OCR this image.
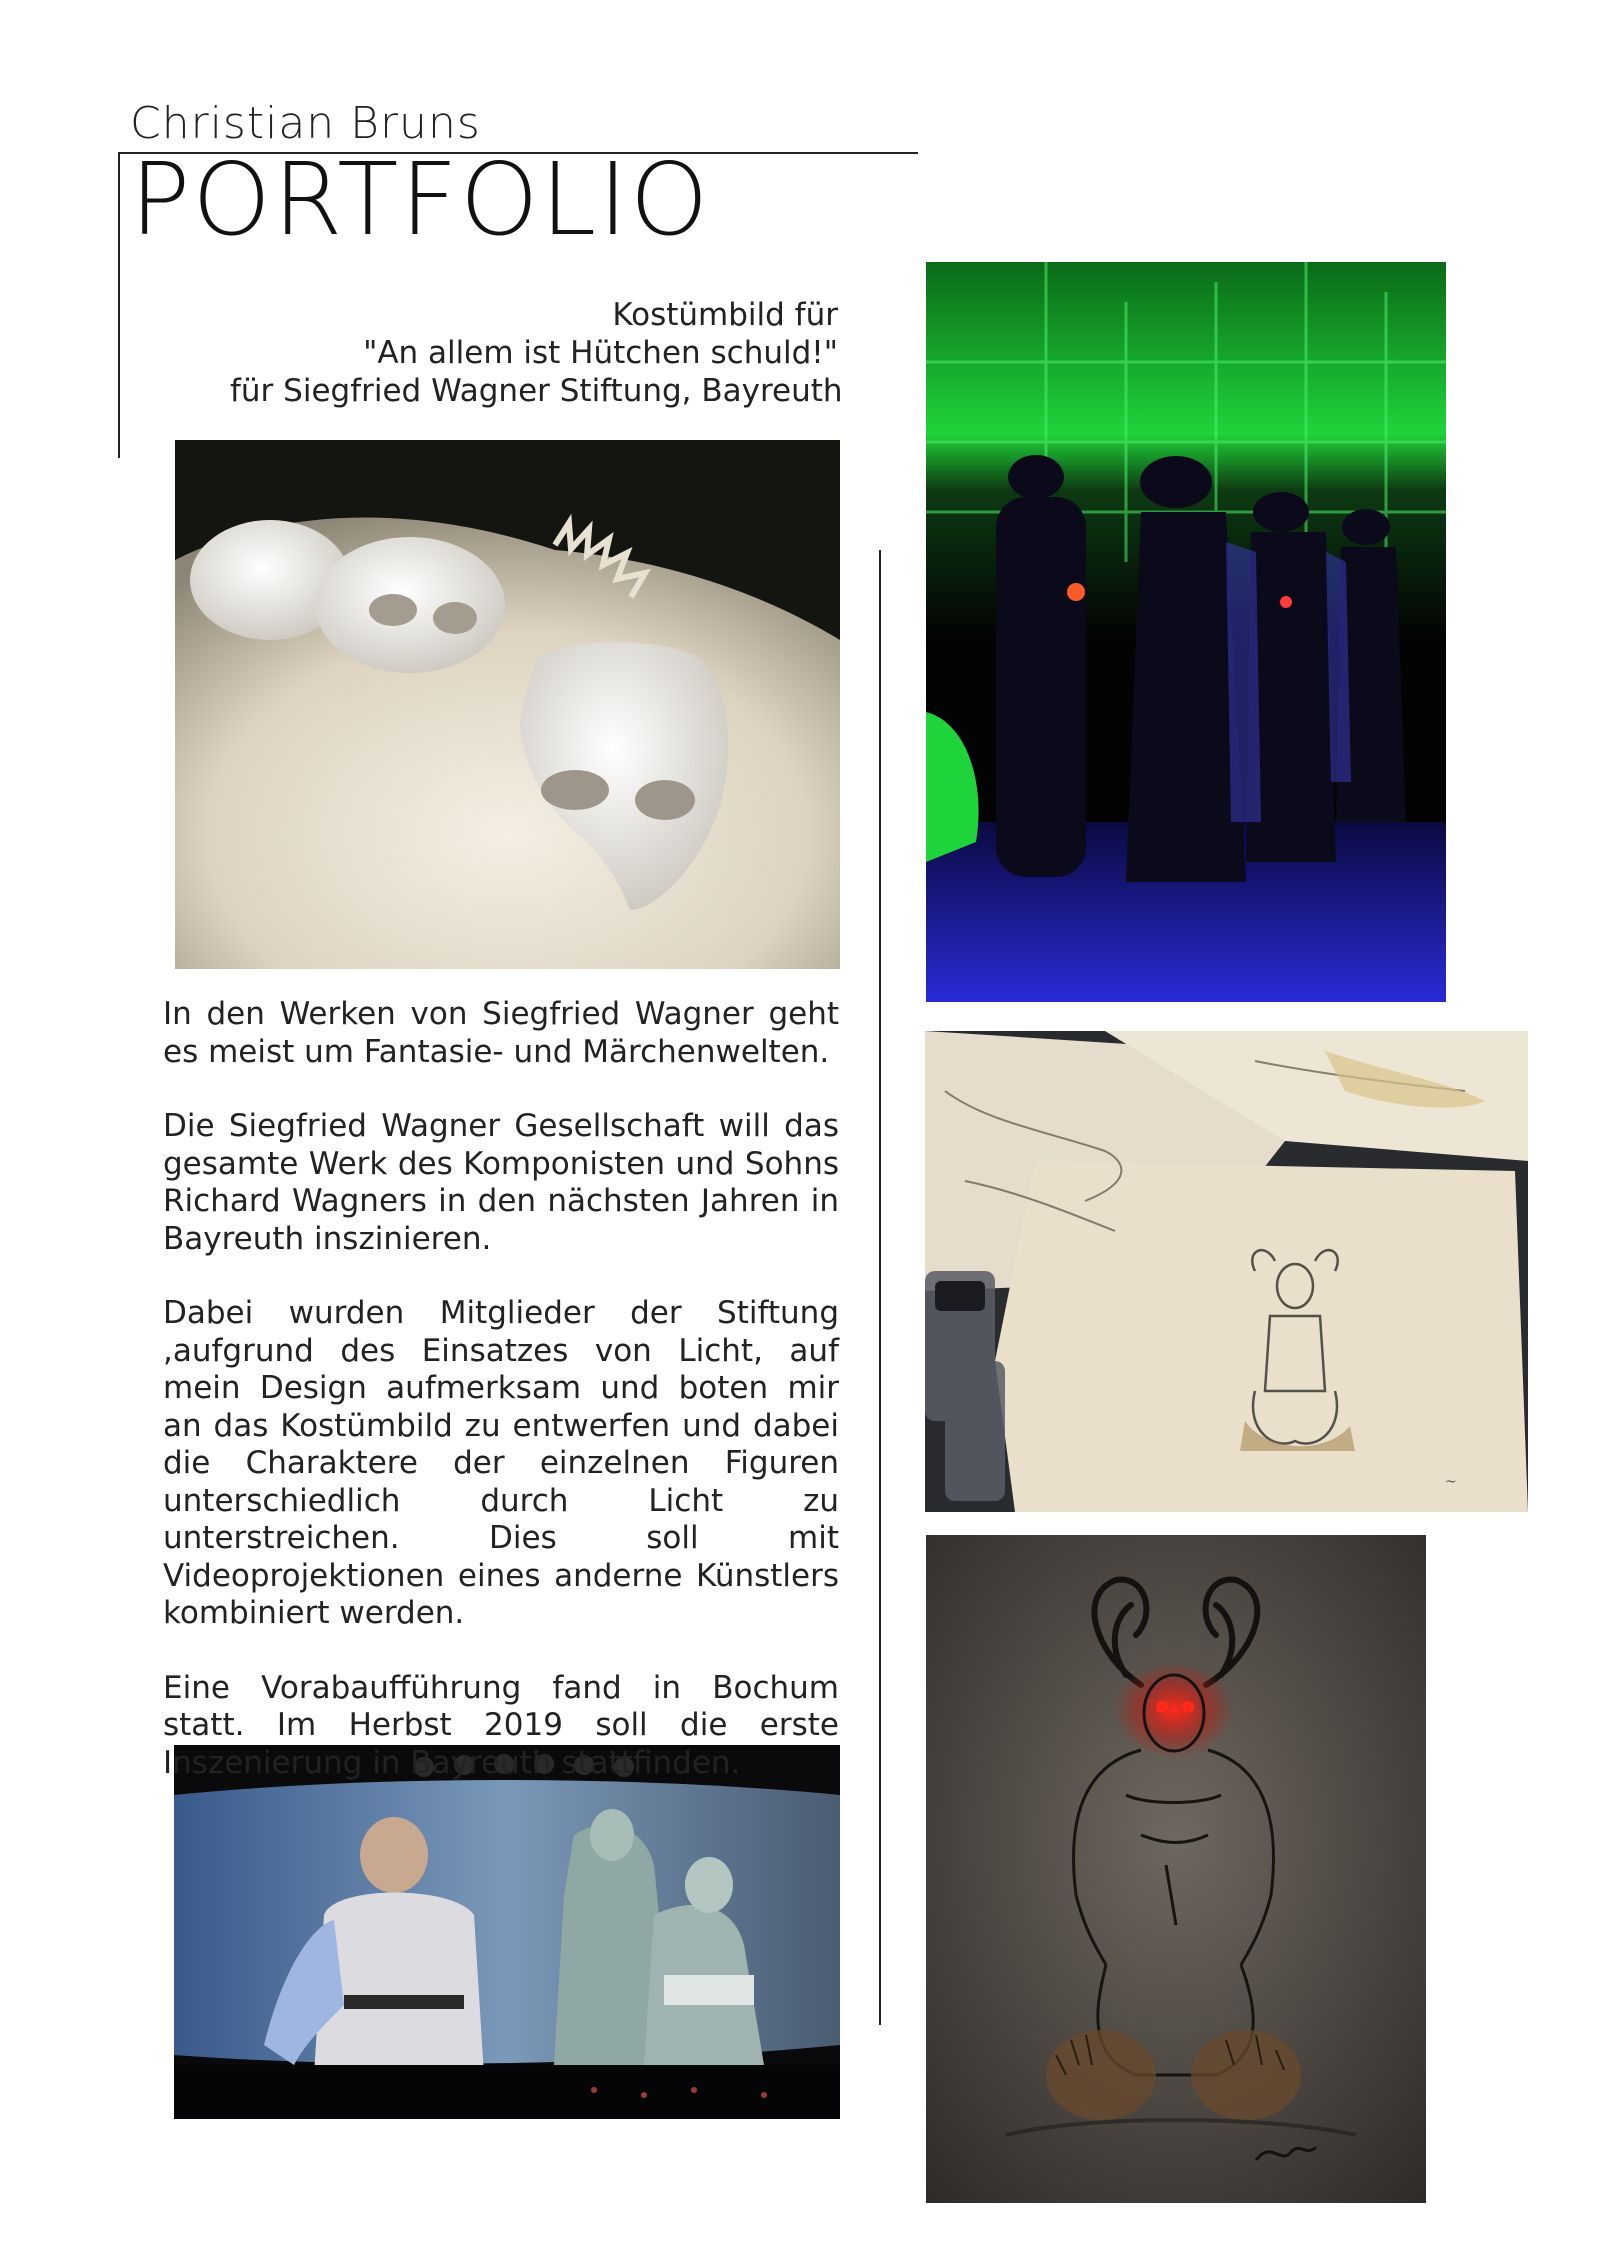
Christian Bruns
PORTFOLIO
Kostümbild für
"An allem ist Hütchen schuld!"
für Siegfried Wagner Stiftung, Bayreuth
~

In den Werken von Siegfried Wagner geht es meist um Fantasie- und Märchenwelten.

Die Siegfried Wagner Gesellschaft will das gesamte Werk des Komponisten und Sohns Richard Wagners in den nächsten Jahren in Bayreuth inszinieren.

Dabei wurden Mitglieder der Stiftung ,aufgrund des Einsatzes von Licht, auf mein Design aufmerksam und boten mir an das Kostümbild zu entwerfen und dabei die Charaktere der einzelnen Figuren unterschiedlich durch Licht zu unterstreichen. Dies soll mit Videoprojektionen eines anderne Künstlers kombiniert werden.

Eine Vorabaufführung fand in Bochum statt. Im Herbst 2019 soll die erste Inszenierung in Bayreuth stattfinden.
